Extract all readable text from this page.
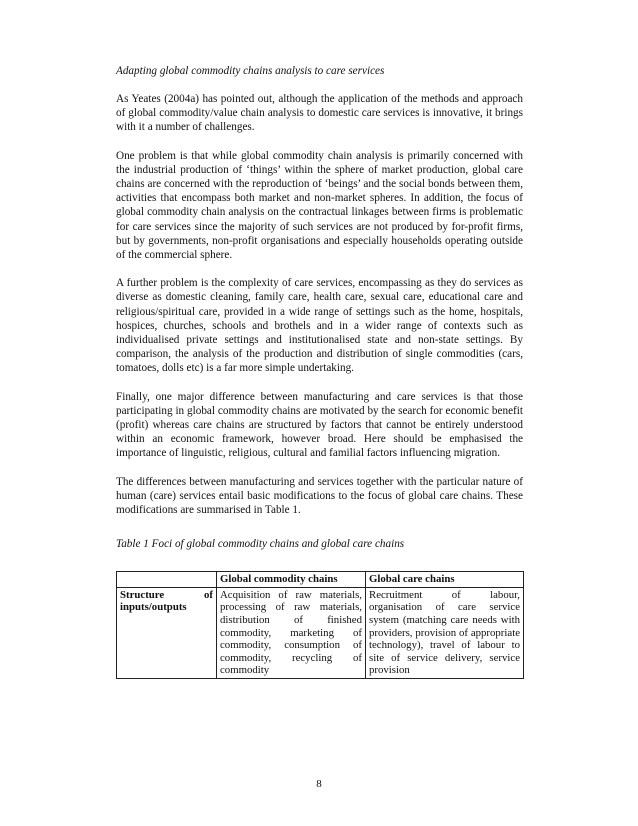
Adapting global commodity chains analysis to care services

As Yeates (2004a) has pointed out, although the application of the methods and approach of global commodity/value chain analysis to domestic care services is innovative, it brings with it a number of challenges.

One problem is that while global commodity chain analysis is primarily concerned with the industrial production of ‘things’ within the sphere of market production, global care chains are concerned with the reproduction of ‘beings’ and the social bonds between them, activities that encompass both market and non-market spheres. In addition, the focus of global commodity chain analysis on the contractual linkages between firms is problematic for care services since the majority of such services are not produced by for-profit firms, but by governments, non-profit organisations and especially households operating outside of the commercial sphere.

A further problem is the complexity of care services, encompassing as they do services as diverse as domestic cleaning, family care, health care, sexual care, educational care and religious/spiritual care, provided in a wide range of settings such as the home, hospitals, hospices, churches, schools and brothels and in a wider range of contexts such as individualised private settings and institutionalised state and non-state settings. By comparison, the analysis of the production and distribution of single commodities (cars, tomatoes, dolls etc) is a far more simple undertaking.

Finally, one major difference between manufacturing and care services is that those participating in global commodity chains are motivated by the search for economic benefit (profit) whereas care chains are structured by factors that cannot be entirely understood within an economic framework, however broad. Here should be emphasised the importance of linguistic, religious, cultural and familial factors influencing migration.

The differences between manufacturing and services together with the particular nature of human (care) services entail basic modifications to the focus of global care chains. These modifications are summarised in Table 1.

Table 1 Foci of global commodity chains and global care chains
	Global commodity chains	Global care chains
Structure of inputs/outputs	Acquisition of raw materials, processing of raw materials, distribution of finished commodity, marketing of commodity, consumption of commodity, recycling of commodity	Recruitment of labour, organisation of care service system (matching care needs with providers, provision of appropriate technology), travel of labour to site of service delivery, service provision
8
